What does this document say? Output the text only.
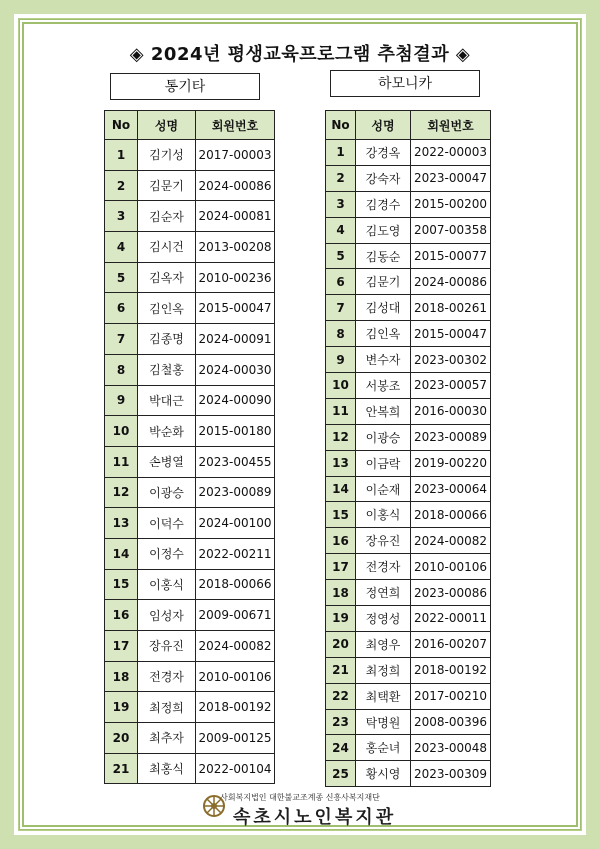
◈ 2024년 평생교육프로그램 추첨결과 ◈
통기타	하모니카
No	성명	회원번호
1	김기성	2017-00003
2	김문기	2024-00086
3	김순자	2024-00081
4	김시건	2013-00208
5	김옥자	2010-00236
6	김인옥	2015-00047
7	김종명	2024-00091
8	김철홍	2024-00030
9	박대근	2024-00090
10	박순화	2015-00180
11	손병열	2023-00455
12	이광승	2023-00089
13	이덕수	2024-00100
14	이정수	2022-00211
15	이홍식	2018-00066
16	임성자	2009-00671
17	장유진	2024-00082
18	전경자	2010-00106
19	최정희	2018-00192
20	최추자	2009-00125
21	최홍식	2022-00104
No	성명	회원번호
1	강경옥	2022-00003
2	강숙자	2023-00047
3	김경수	2015-00200
4	김도영	2007-00358
5	김동순	2015-00077
6	김문기	2024-00086
7	김성대	2018-00261
8	김인옥	2015-00047
9	변수자	2023-00302
10	서봉조	2023-00057
11	안복희	2016-00030
12	이광승	2023-00089
13	이금락	2019-00220
14	이순재	2023-00064
15	이홍식	2018-00066
16	장유진	2024-00082
17	전경자	2010-00106
18	정연희	2023-00086
19	정영성	2022-00011
20	최영우	2016-00207
21	최정희	2018-00192
22	최택환	2017-00210
23	탁명원	2008-00396
24	홍순녀	2023-00048
25	황시영	2023-00309
사회복지법인 대한불교조계종 신흥사복지재단
속초시노인복지관
